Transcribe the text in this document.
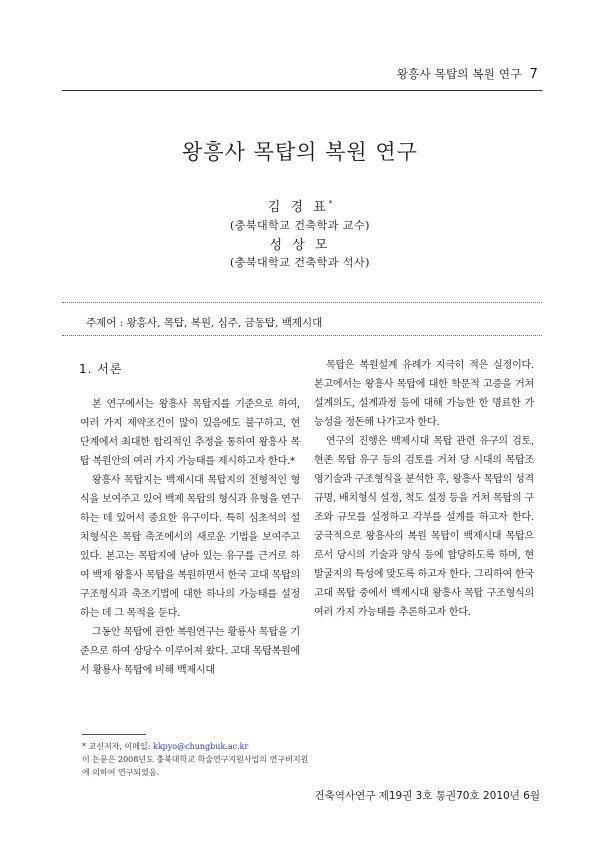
왕흥사 목탑의 복원 연구 7
왕흥사 목탑의 복원 연구
김 경 표*
(충북대학교 건축학과 교수)
성 상 모
(충북대학교 건축학과 석사)
주제어 : 왕흥사, 목탑, 복원, 심주, 금동탑, 백제시대
1. 서론

본 연구에서는 왕흥사 목탑지를 기준으로 하여, 여러 가지 제약조건이 많이 있음에도 불구하고, 현 단계에서 최대한 합리적인 추정을 통하여 왕흥사 목탑 복원안의 여러 가지 가능태를 제시하고자 한다.*

왕흥사 목탑지는 백제시대 목탑지의 전형적인 형식을 보여주고 있어 백제 목탑의 형식과 유형을 연구하는 데 있어서 중요한 유구이다. 특히 심초석의 설치형식은 목탑 축조에서의 새로운 기법을 보여주고 있다. 본고는 목탑지에 남아 있는 유구를 근거로 하여 백제 왕흥사 목탑을 복원하면서 한국 고대 목탑의 구조형식과 축조기법에 대한 하나의 가능태를 설정하는 데 그 목적을 둔다.

그동안 목탑에 관한 복원연구는 황룡사 목탑을 기준으로 하여 상당수 이루어져 왔다. 고대 목탑복원에서 황룡사 목탑에 비해 백제시대

목탑은 복원설계 유례가 지극히 적은 실정이다. 본고에서는 왕흥사 목탑에 대한 학문적 고증을 거쳐 설계의도, 설계과정 등에 대해 가능한 한 명료한 가능성을 정돈해 나가고자 한다.

연구의 진행은 백제시대 목탑 관련 유구의 검토, 현존 목탑 유구 등의 검토를 거쳐 당 시대의 목탑조영기술과 구조형식을 분석한 후, 왕흥사 목탑의 성격 규명, 배치형식 설정, 척도 설정 등을 거쳐 목탑의 구조와 규모를 설정하고 각부를 설계를 하고자 한다. 궁극적으로 왕흥사의 복원 목탑이 백제시대 목탑으로서 당시의 기술과 양식 등에 합당하도록 하며, 현 발굴지의 특성에 맞도록 하고자 한다. 그리하여 한국 고대 목탑 중에서 백제시대 왕흥사 목탑 구조형식의 여러 가지 가능태를 추론하고자 한다.

* 교신저자, 이메일: kkpyo@chungbuk.ac.kr

이 논문은 2008년도 충북대학교 학술연구지원사업의 연구비지원에 의하여 연구되었음.

건축역사연구 제19권 3호 통권70호 2010년 6월
